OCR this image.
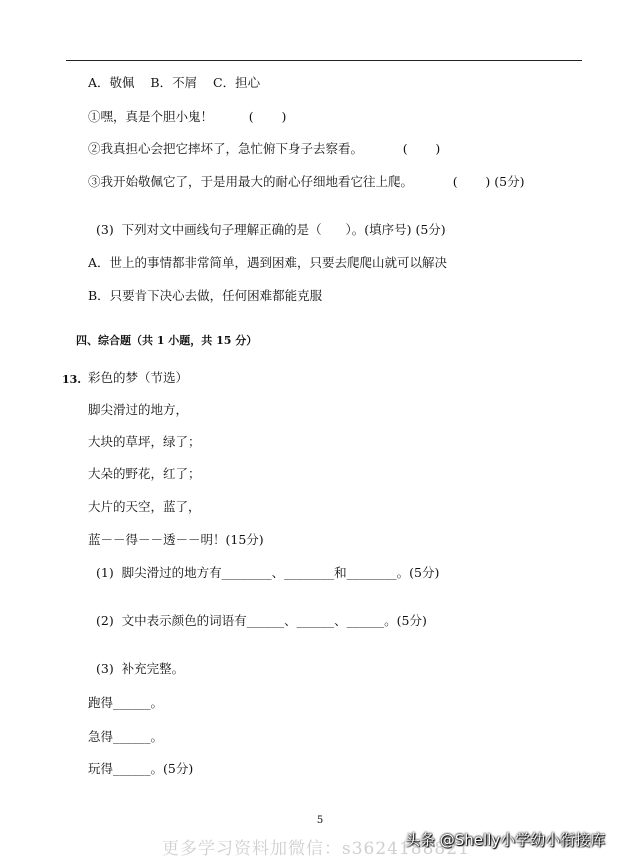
A．敬佩    B．不屑    C．担心
①嘿，真是个胆小鬼！         (       )
②我真担心会把它摔坏了，急忙俯下身子去察看。          (       )
③我开始敬佩它了，于是用最大的耐心仔细地看它往上爬。          (       ) (5分)
(3)  下列对文中画线句子理解正确的是（      ）。(填序号) (5分)
A．世上的事情都非常简单，遇到困难，只要去爬爬山就可以解决
B．只要肯下决心去做，任何困难都能克服
四、综合题（共 1 小题，共 15 分）
13. 彩色的梦（节选）
脚尖滑过的地方，
大块的草坪，绿了；
大朵的野花，红了；
大片的天空，蓝了，
蓝－－得－－透－－明！(15分)
(1)  脚尖滑过的地方有________、________和________。(5分)
(2)  文中表示颜色的词语有______、______、______。(5分)
(3)  补充完整。
跑得______。
急得______。
玩得______。(5分)
5
更多学习资料加微信：s3624188821
头条 @Shelly小学幼小衔接库
